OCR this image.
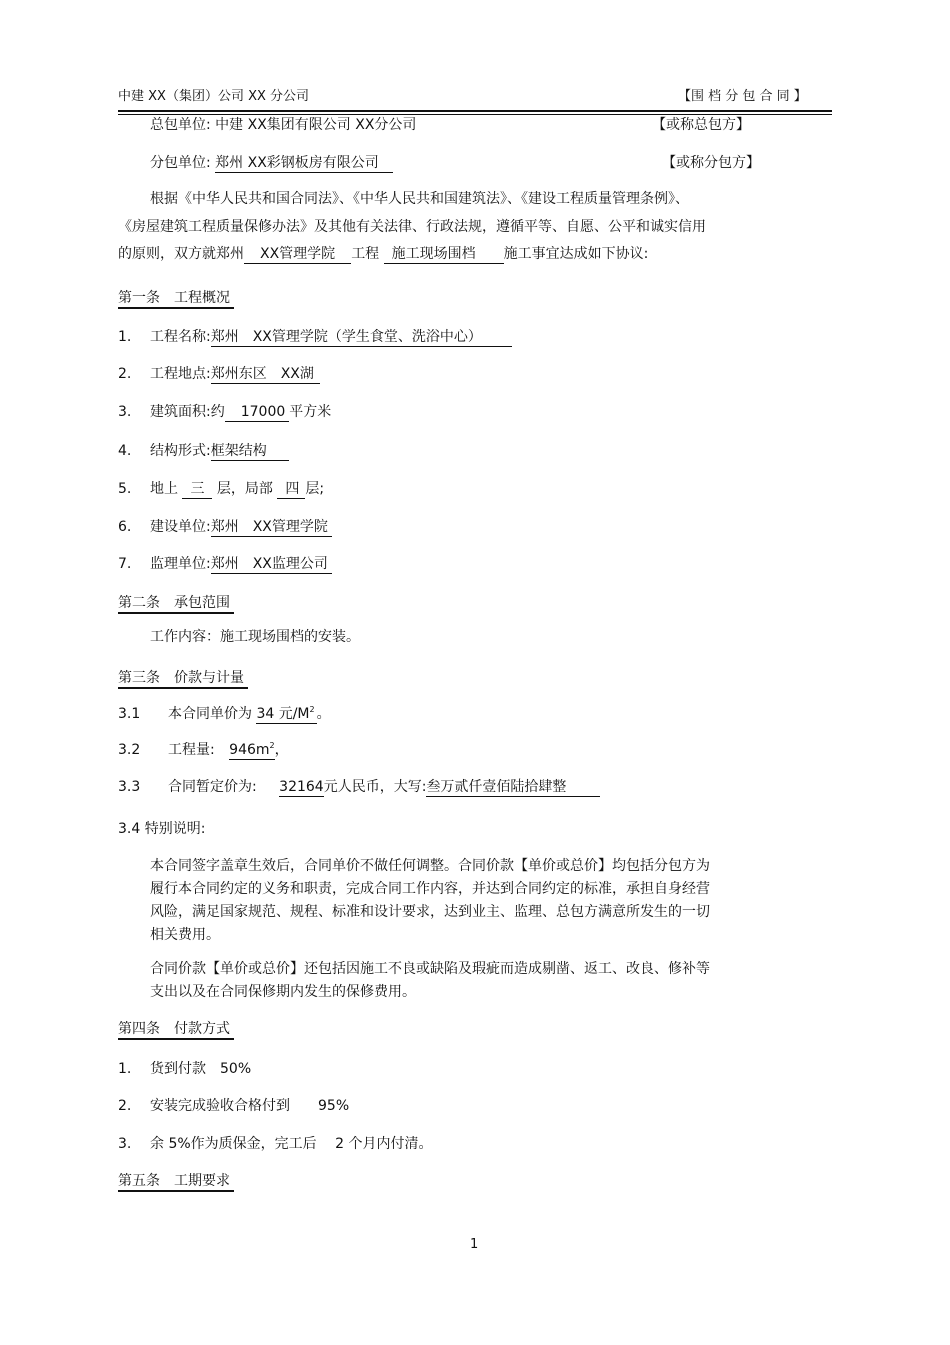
中建 XX（集团）公司 XX 分公司	【围 档 分 包 合 同 】
总包单位: 中建 XX集团有限公司 XX分公司	【或称总包方】
分包单位: 郑州 XX彩钢板房有限公司	【或称分包方】
根据《中华人民共和国合同法》、《中华人民共和国建筑法》、《建设工程质量管理条例》、
《房屋建筑工程质量保修办法》及其他有关法律、行政法规，遵循平等、自愿、公平和诚实信用
的原则，双方就郑州 XX管理学院 工程 施工现场围档 施工事宜达成如下协议:
第一条　工程概况
1. 工程名称:郑州　XX管理学院（学生食堂、洗浴中心）
2. 工程地点:郑州东区　XX湖
3. 建筑面积:约 17000 平方米
4. 结构形式:框架结构
5. 地上 三 层，局部 四 层;
6. 建设单位:郑州　XX管理学院
7. 监理单位:郑州　XX监理公司
第二条　承包范围
工作内容：施工现场围档的安装。
第三条　价款与计量
3.1 本合同单价为 34 元$/M^2$ 。
3.2 工程量: $946m^2$，
3.3 合同暂定价为: 32164元人民币，大写:叁万贰仟壹佰陆拾肆整
3.4 特别说明:
本合同签字盖章生效后，合同单价不做任何调整。合同价款【单价或总价】均包括分包方为
履行本合同约定的义务和职责，完成合同工作内容，并达到合同约定的标准，承担自身经营
风险，满足国家规范、规程、标准和设计要求，达到业主、监理、总包方满意所发生的一切
相关费用。
合同价款【单价或总价】还包括因施工不良或缺陷及瑕疵而造成剔凿、返工、改良、修补等
支出以及在合同保修期内发生的保修费用。
第四条　付款方式
1. 货到付款　50%
2. 安装完成验收合格付到　　95%
3. 余 5%作为质保金，完工后　 2 个月内付清。
第五条　工期要求
1
